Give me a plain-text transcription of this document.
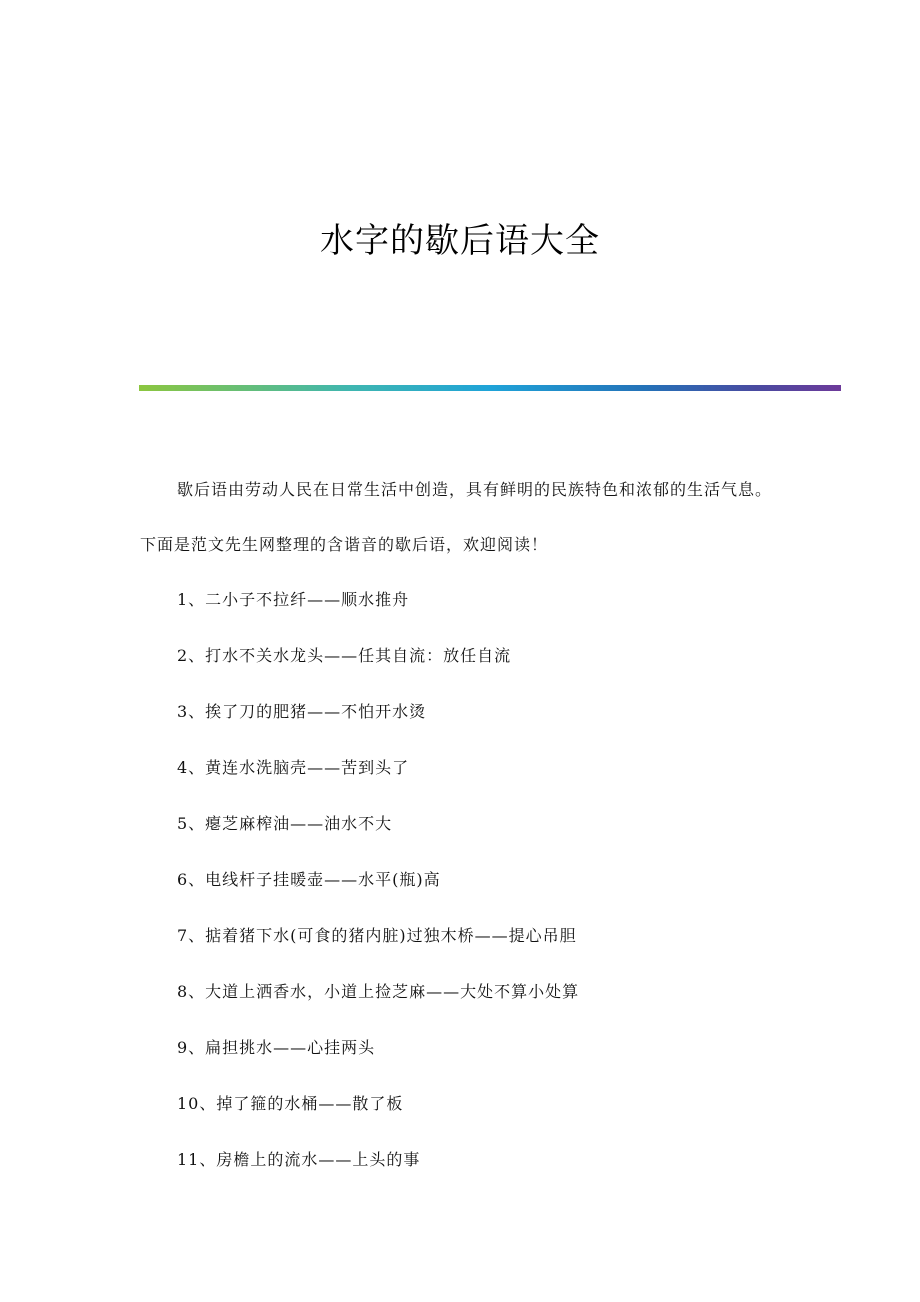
水字的歇后语大全

歇后语由劳动人民在日常生活中创造，具有鲜明的民族特色和浓郁的生活气息。下面是范文先生网整理的含谐音的歇后语，欢迎阅读！

1、二小子不拉纤——顺水推舟
2、打水不关水龙头——任其自流：放任自流
3、挨了刀的肥猪——不怕开水烫
4、黄连水洗脑壳——苦到头了
5、瘪芝麻榨油——油水不大
6、电线杆子挂暖壶——水平(瓶)高
7、掂着猪下水(可食的猪内脏)过独木桥——提心吊胆
8、大道上洒香水，小道上捡芝麻——大处不算小处算
9、扁担挑水——心挂两头
10、掉了箍的水桶——散了板
11、房檐上的流水——上头的事
